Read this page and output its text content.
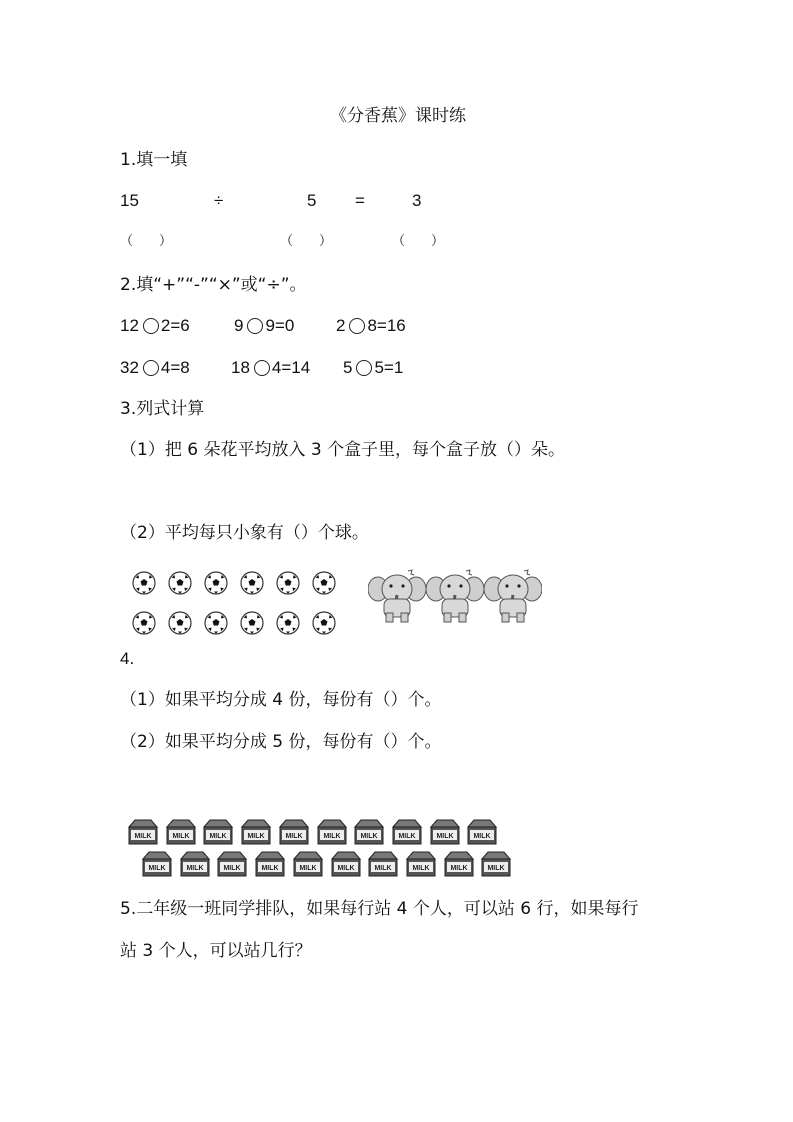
《分香蕉》课时练
1.填一填
15	÷	5 =	3
（　　）	（　　）	（　　）
2.填“+”“-”“×”或“÷”。
12 2=6	9 9=0 2 8=16
32 4=8 18 4=14 5 5=1
3.列式计算
（1）把 6 朵花平均放入 3 个盒子里，每个盒子放（）朵。
（2）平均每只小象有（）个球。
4.
（1）如果平均分成 4 份，每份有（）个。
（2）如果平均分成 5 份，每份有（）个。
MILK	MILK	MILK	MILK	MILK	MILK	MILK	MILK	MILK	MILK
MILK	MILK	MILK	MILK	MILK	MILK	MILK	MILK	MILK	MILK
5.二年级一班同学排队，如果每行站 4 个人，可以站 6 行，如果每行
站 3 个人，可以站几行？
